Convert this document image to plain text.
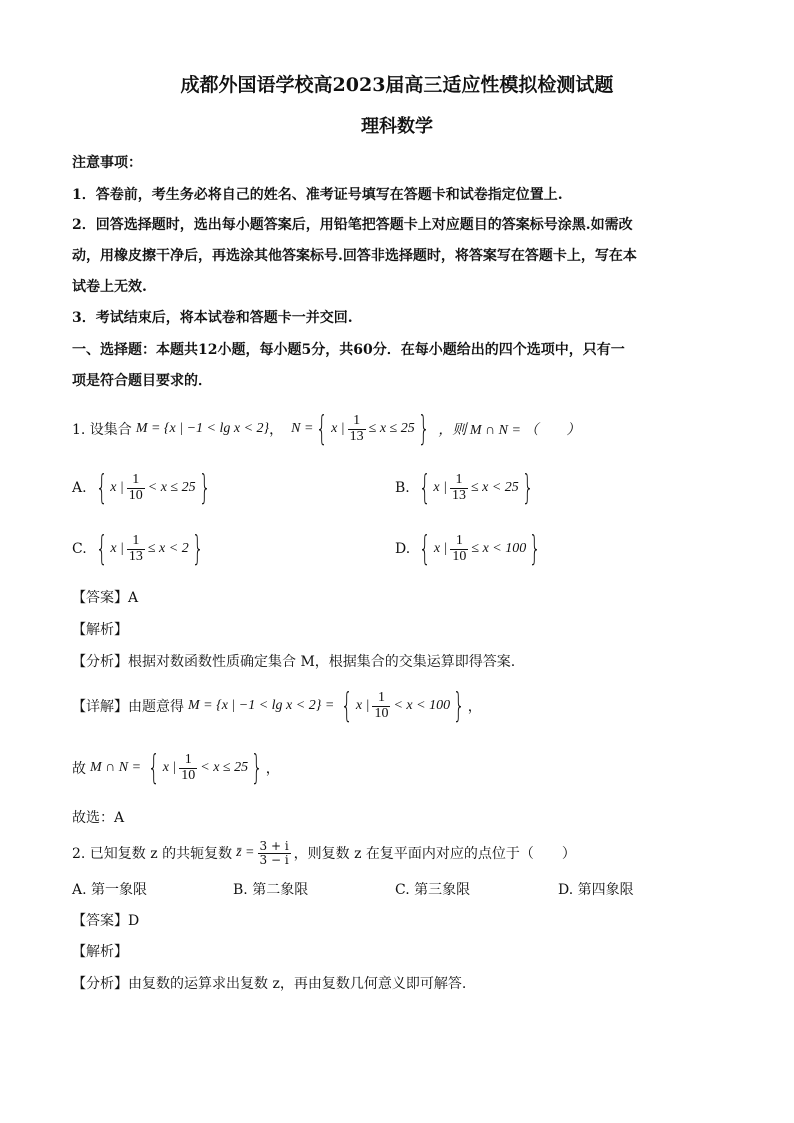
成都外国语学校高2023届高三适应性模拟检测试题
理科数学
注意事项：
1．答卷前，考生务必将自己的姓名、准考证号填写在答题卡和试卷指定位置上.
2．回答选择题时，选出每小题答案后，用铅笔把答题卡上对应题目的答案标号涂黑.如需改
动，用橡皮擦干净后，再选涂其他答案标号.回答非选择题时，将答案写在答题卡上，写在本
试卷上无效.
3．考试结束后，将本试卷和答题卡一并交回.
一、选择题：本题共12小题，每小题5分，共60分．在每小题给出的四个选项中，只有一
项是符合题目要求的．
1. 设集合 M = {x | −1 < lg x < 2} ， N = { x | $\frac{1}{13} \le x \le 25$ } ，则 M ∩ N = （　　）
A. { x | $\frac{1}{10} < x \le 25$ }	B. { x | $\frac{1}{13} \le x < 25$ }
C. { x | $\frac{1}{13} \le x < 2$ }	D. { x | $\frac{1}{10} \le x < 100$ }
【答案】A
【解析】
【分析】根据对数函数性质确定集合 M，根据集合的交集运算即得答案.
【详解】由题意得 M = {x | −1 < lg x < 2} = { x | $\frac{1}{10} < x < 100$ } ，
故 M ∩ N = { x | $\frac{1}{10} < x \le 25$ } ，
故选：A
2. 已知复数 z 的共轭复数 z̄ = $\frac{3 + i}{3 - i}$ ，则复数 z 在复平面内对应的点位于（　　）
A. 第一象限	B. 第二象限	C. 第三象限	D. 第四象限
【答案】D
【解析】
【分析】由复数的运算求出复数 z，再由复数几何意义即可解答.
